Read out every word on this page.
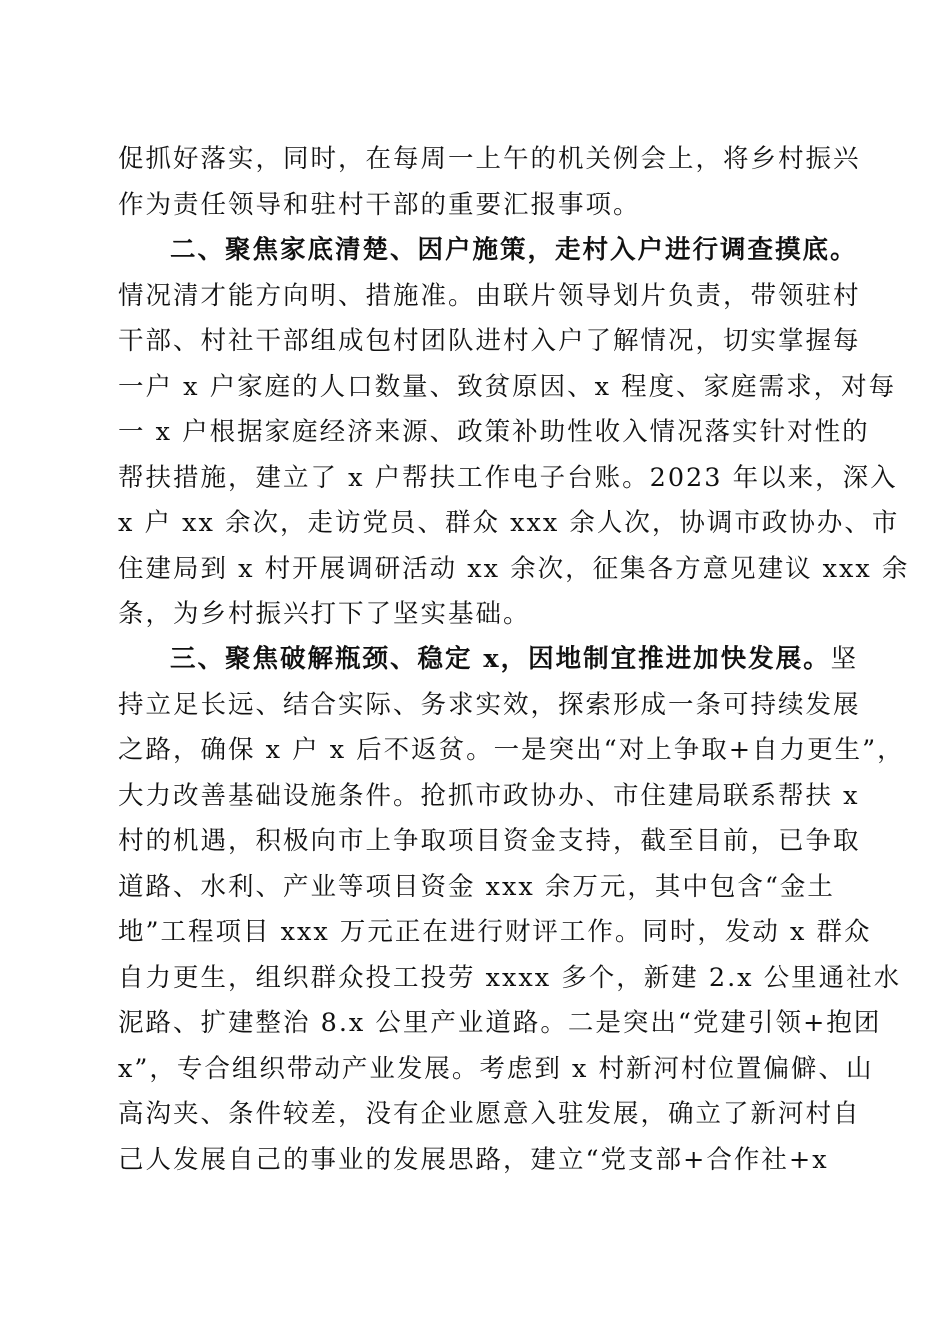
促抓好落实，同时，在每周一上午的机关例会上，将乡村振兴
作为责任领导和驻村干部的重要汇报事项。
二、聚焦家底清楚、因户施策，走村入户进行调查摸底。
情况清才能方向明、措施准。由联片领导划片负责，带领驻村
干部、村社干部组成包村团队进村入户了解情况，切实掌握每
一户 x 户家庭的人口数量、致贫原因、x 程度、家庭需求，对每
一 x 户根据家庭经济来源、政策补助性收入情况落实针对性的
帮扶措施，建立了 x 户帮扶工作电子台账。2023 年以来，深入
x 户 xx 余次，走访党员、群众 xxx 余人次，协调市政协办、市
住建局到 x 村开展调研活动 xx 余次，征集各方意见建议 xxx 余
条，为乡村振兴打下了坚实基础。
三、聚焦破解瓶颈、稳定 x，因地制宜推进加快发展。坚
持立足长远、结合实际、务求实效，探索形成一条可持续发展
之路，确保 x 户 x 后不返贫。一是突出“对上争取+自力更生”，
大力改善基础设施条件。抢抓市政协办、市住建局联系帮扶 x
村的机遇，积极向市上争取项目资金支持，截至目前，已争取
道路、水利、产业等项目资金 xxx 余万元，其中包含“金土
地”工程项目 xxx 万元正在进行财评工作。同时，发动 x 群众
自力更生，组织群众投工投劳 xxxx 多个，新建 2.x 公里通社水
泥路、扩建整治 8.x 公里产业道路。二是突出“党建引领+抱团
x”，专合组织带动产业发展。考虑到 x 村新河村位置偏僻、山
高沟夹、条件较差，没有企业愿意入驻发展，确立了新河村自
己人发展自己的事业的发展思路，建立“党支部+合作社+x
